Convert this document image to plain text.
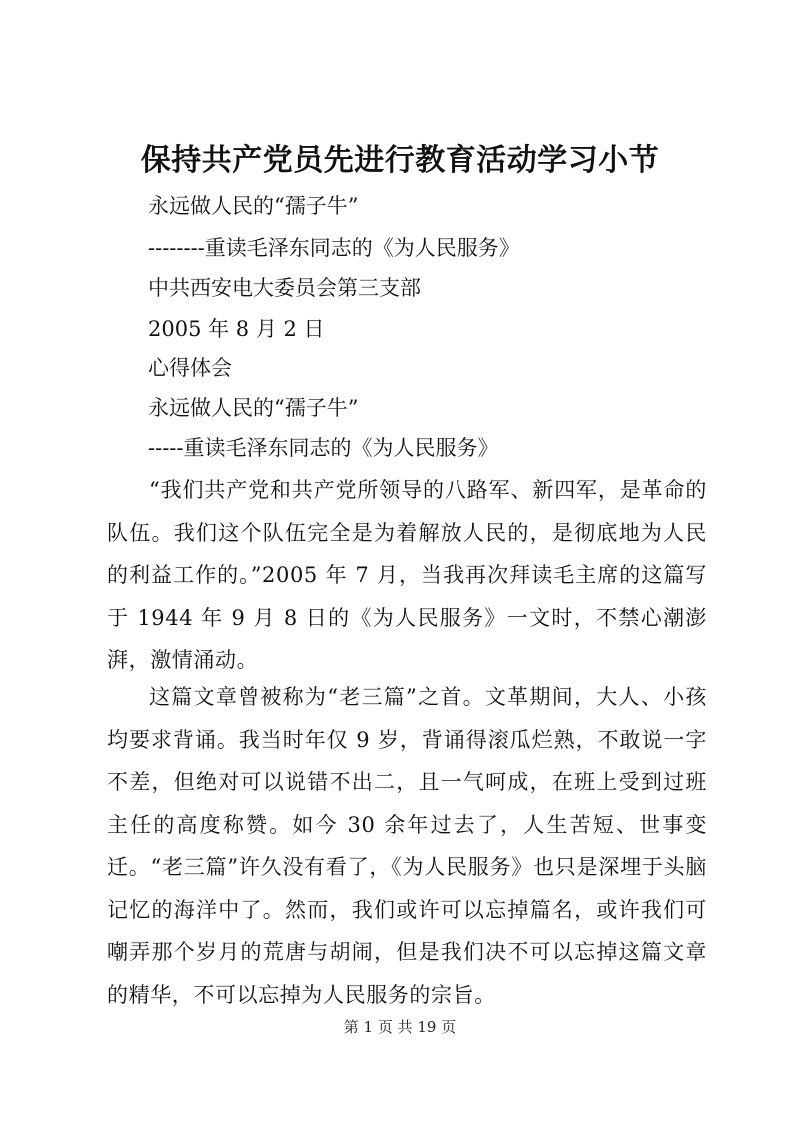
保持共产党员先进行教育活动学习小节
永远做人民的“孺子牛”
--------重读毛泽东同志的《为人民服务》
中共西安电大委员会第三支部
2005 年 8 月 2 日
心得体会
永远做人民的“孺子牛”
-----重读毛泽东同志的《为人民服务》
“我们共产党和共产党所领导的八路军、新四军，是革命的队伍。我们这个队伍完全是为着解放人民的，是彻底地为人民的利益工作的。”2005 年 7 月，当我再次拜读毛主席的这篇写于 1944 年 9 月 8 日的《为人民服务》一文时，不禁心潮澎湃，激情涌动。
这篇文章曾被称为“老三篇”之首。文革期间，大人、小孩均要求背诵。我当时年仅 9 岁，背诵得滚瓜烂熟，不敢说一字不差，但绝对可以说错不出二，且一气呵成，在班上受到过班主任的高度称赞。如今 30 余年过去了，人生苦短、世事变迁。“老三篇”许久没有看了，《为人民服务》也只是深埋于头脑记忆的海洋中了。然而，我们或许可以忘掉篇名，或许我们可嘲弄那个岁月的荒唐与胡闹，但是我们决不可以忘掉这篇文章的精华，不可以忘掉为人民服务的宗旨。
第 1 页 共 19 页
